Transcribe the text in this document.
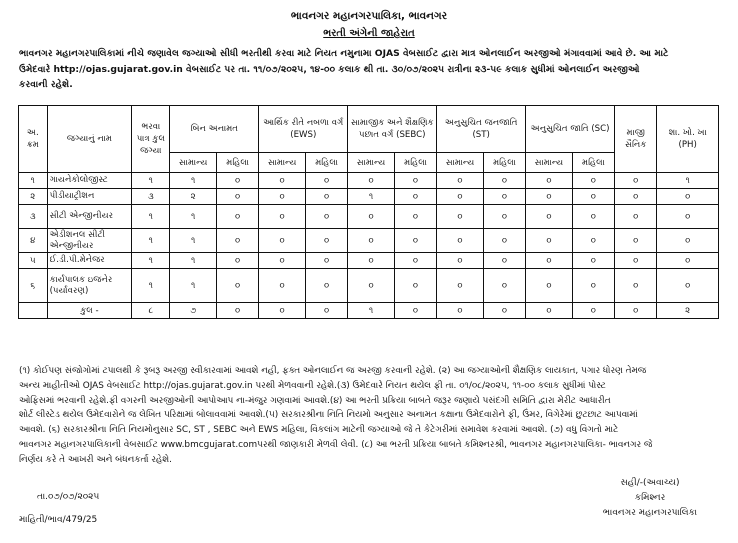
ભાવનગર મહાનગરપાલિકા, ભાવનગર
ભરતી અંગેની જાહેરાત
ભાવનગર મહાનગરપાલિકામાં નીચે જણાવેલ જગ્યાઓ સીધી ભરતીથી કરવા માટે નિયત નમુનામા OJAS વેબસાઈટ દ્વારા માત્ર ઓનલાઈન અરજીઓ મંગાવવામાં આવે છે. આ માટે
ઉમેદવારે http://ojas.gujarat.gov.in વેબસાઈટ પર તા. ૧૧/૦૭/૨૦૨૫, ૧૪-૦૦ કલાક થી તા. ૩૦/૦૭/૨૦૨૫ રાત્રીના ૨૩-૫૯ કલાક સુધીમાં ઓનલાઈન અરજીઓ
કરવાની રહેશે.
અ. ક્રમ	જગ્યાનું નામ	ભરવા પાત્ર કુલ જગ્યા	બિન અનામત		આર્થિક રીતે નબળા વર્ગ (EWS)		સામાજીક અને શૈક્ષણિક પછાત વર્ગ (SEBC)		અનુસુચિત જનજાતિ (ST)		અનુસુચિત જાતિ (SC)		માજી સૈનિક	શા. ખો. ખા (PH)
			સામાન્ય	મહિલા	સામાન્ય	મહિલા	સામાન્ય	મહિલા	સામાન્ય	મહિલા	સામાન્ય	મહિલા		
૧	ગાયનેકોલોજીસ્ટ	૧	૧	૦	૦	૦	૦	૦	૦	૦	૦	૦	૦	૧
૨	પીડીયાટ્રીશન	૩	૨	૦	૦	૦	૧	૦	૦	૦	૦	૦	૦	૦
૩	સીટી એન્જીનીયર	૧	૧	૦	૦	૦	૦	૦	૦	૦	૦	૦	૦	૦
૪	એડીશનલ સીટી એન્જીનીયર	૧	૧	૦	૦	૦	૦	૦	૦	૦	૦	૦	૦	૦
૫	ઈ.ડી.પી.મેનેજર	૧	૧	૦	૦	૦	૦	૦	૦	૦	૦	૦	૦	૦
૬	કાર્યપાલક ઇજનેર (પર્યાવરણ)	૧	૧	૦	૦	૦	૦	૦	૦	૦	૦	૦	૦	૦
	કુલ -	૮	૭	૦	૦	૦	૧	૦	૦	૦	૦	૦	૦	૨
(૧) કોઈપણ સંજોગોમાં ટપાલથી કે રૂબરૂ અરજી સ્વીકારવામાં આવશે નહી, ફક્ત ઓનલાઈન જ અરજી કરવાની રહેશે. (૨) આ જગ્યાઓની શૈક્ષણિક લાયકાત, પગાર ધોરણ તેમજ
અન્ય માહીતીઓ OJAS વેબસાઈટ http://ojas.gujarat.gov.in પરથી મેળવવાની રહેશે.(૩) ઉમેદવારે નિયત થયેલ ફી તા. ૦૧/૦૮/૨૦૨૫, ૧૧-૦૦ કલાક સુધીમાં પોસ્ટ
ઓફિસમાં ભરવાની રહેશે.ફી વગરની અરજીઓની આપોઆપ ના-મંજુર ગણવામાં આવશે.(૪) આ ભરતી પ્રક્રિયા બાબતે જરૂર જણાયે પસંદગી સમિતિ દ્વારા મેરીટ આધારીત
શોર્ટ લીસ્ટેડ થયેલ ઉમેદવારોને જ લેખિત પરિક્ષામાં બોલાવવામાં આવશે.(૫) સરકારશ્રીના નિતિ નિયમો અનુસાર અનામત કક્ષાના ઉમેદવારોને ફી, ઉંમર, વિગેરેમાં છુટછાટ આપવામાં
આવશે. (૬) સરકારશ્રીના નિતિ નિયમોનુસાર SC, ST , SEBC અને EWS મહિલા, વિકલાંગ માટેની જગ્યાઓ જે તે કેટેગરીમાં સમાવેશ કરવામાં આવશે. (૭) વધુ વિગતો માટે
ભાવનગર મહાનગરપાલિકાની વેબસાઈટ www.bmcgujarat.comપરથી જાણકારી મેળવી લેવી. (૮) આ ભરતી પ્રક્રિયા બાબતે કમિશ્નરશ્રી, ભાવનગર મહાનગરપાલિકા- ભાવનગર જે
નિર્ણય કરે તે આખરી અને બંધનકર્તા રહેશે.
તા.૦૭/૦૭/૨૦૨૫
માહિતી/ભાવ/479/25
સહી/-(અવાચ્ય)
કમિશ્નર
ભાવનગર મહાનગરપાલિકા
